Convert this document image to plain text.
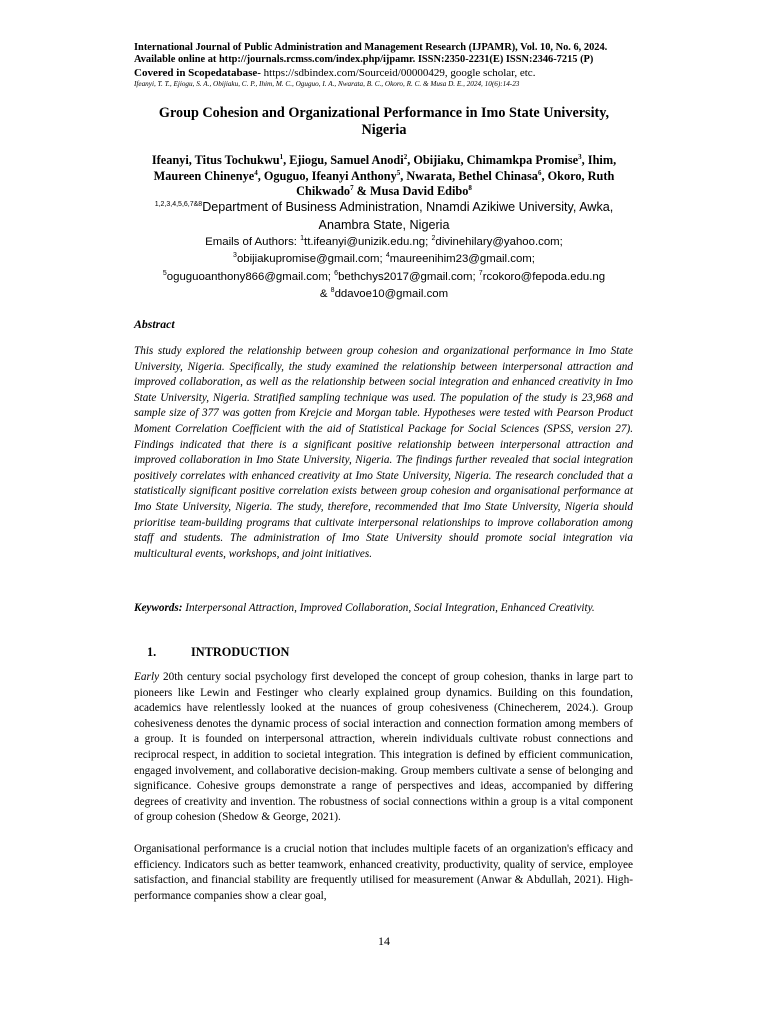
International Journal of Public Administration and Management Research (IJPAMR), Vol. 10, No. 6, 2024.
Available online at http://journals.rcmss.com/index.php/ijpamr. ISSN:2350-2231(E) ISSN:2346-7215 (P)
Covered in Scopedatabase- https://sdbindex.com/Sourceid/00000429, google scholar, etc.
Ifeanyi, T. T., Ejiogu, S. A., Obijiaku, C. P., Ihim, M. C., Oguguo, I. A., Nwarata, B. C., Okoro, R. C. & Musa D. E., 2024, 10(6):14-23
Group Cohesion and Organizational Performance in Imo State University,
Nigeria
Ifeanyi, Titus Tochukwu$^1$, Ejiogu, Samuel Anodi$^2$, Obijiaku, Chimamkpa Promise$^3$, Ihim, Maureen Chinenye$^4$, Oguguo, Ifeanyi Anthony$^5$, Nwarata, Bethel Chinasa$^6$, Okoro, Ruth Chikwado$^7$ & Musa David Edibo$^8$
$^{1,2,3,4,5,6,7\&8}$Department of Business Administration, Nnamdi Azikiwe University, Awka,
Anambra State, Nigeria
Emails of Authors: $^1$tt.ifeanyi@unizik.edu.ng; $^2$divinehilary@yahoo.com;
$^3$obijiakupromise@gmail.com; $^4$maureenihim23@gmail.com;
$^5$oguguoanthony866@gmail.com; $^6$bethchys2017@gmail.com; $^7$rcokoro@fepoda.edu.ng
& $^8$ddavoe10@gmail.com
Abstract

This study explored the relationship between group cohesion and organizational performance in Imo State University, Nigeria. Specifically, the study examined the relationship between interpersonal attraction and improved collaboration, as well as the relationship between social integration and enhanced creativity in Imo State University, Nigeria. Stratified sampling technique was used. The population of the study is 23,968 and sample size of 377 was gotten from Krejcie and Morgan table. Hypotheses were tested with Pearson Product Moment Correlation Coefficient with the aid of Statistical Package for Social Sciences (SPSS, version 27). Findings indicated that there is a significant positive relationship between interpersonal attraction and improved collaboration in Imo State University, Nigeria. The findings further revealed that social integration positively correlates with enhanced creativity at Imo State University, Nigeria. The research concluded that a statistically significant positive correlation exists between group cohesion and organisational performance at Imo State University, Nigeria. The study, therefore, recommended that Imo State University, Nigeria should prioritise team-building programs that cultivate interpersonal relationships to improve collaboration among staff and students. The administration of Imo State University should promote social integration via multicultural events, workshops, and joint initiatives.

Keywords: Interpersonal Attraction, Improved Collaboration, Social Integration, Enhanced Creativity.

1.	INTRODUCTION

Early 20th century social psychology first developed the concept of group cohesion, thanks in large part to pioneers like Lewin and Festinger who clearly explained group dynamics. Building on this foundation, academics have relentlessly looked at the nuances of group cohesiveness (Chinecherem, 2024.). Group cohesiveness denotes the dynamic process of social interaction and connection formation among members of a group. It is founded on interpersonal attraction, wherein individuals cultivate robust connections and reciprocal respect, in addition to societal integration. This integration is defined by efficient communication, engaged involvement, and collaborative decision-making. Group members cultivate a sense of belonging and significance. Cohesive groups demonstrate a range of perspectives and ideas, accompanied by differing degrees of creativity and invention. The robustness of social connections within a group is a vital component of group cohesion (Shedow & George, 2021).

Organisational performance is a crucial notion that includes multiple facets of an organization's efficacy and efficiency. Indicators such as better teamwork, enhanced creativity, productivity, quality of service, employee satisfaction, and financial stability are frequently utilised for measurement (Anwar & Abdullah, 2021). High-performance companies show a clear goal,

14
